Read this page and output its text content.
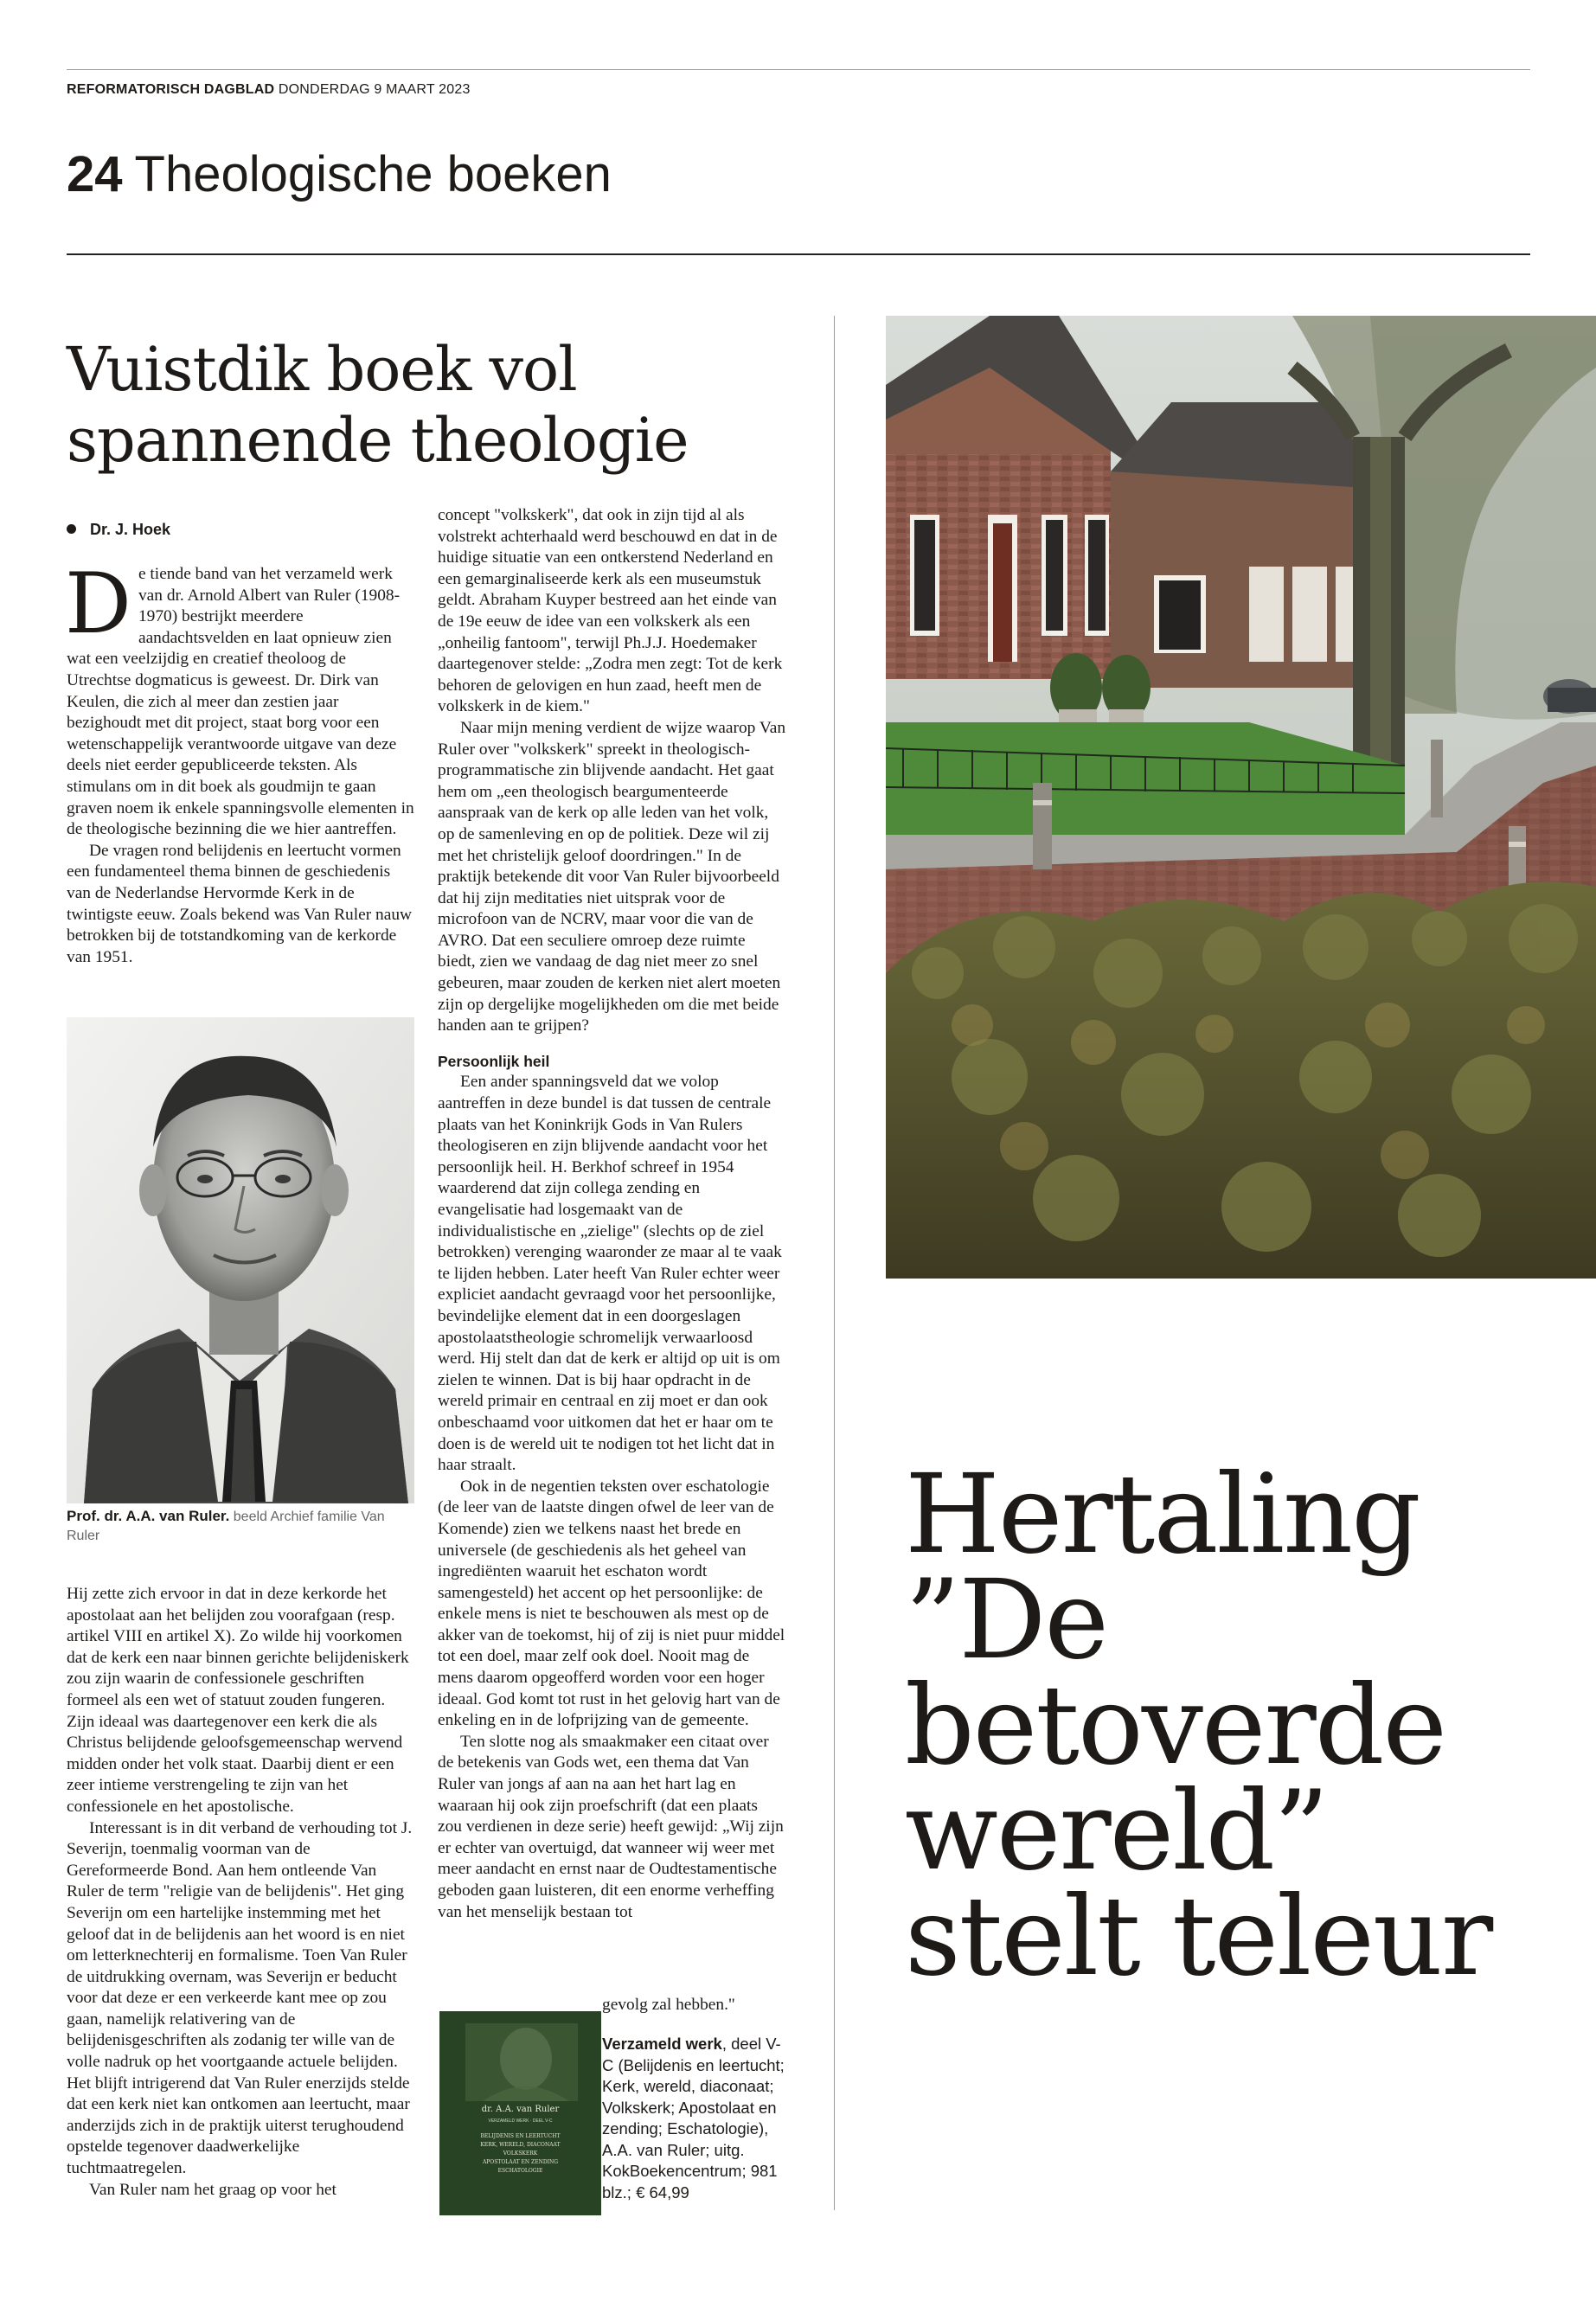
REFORMATORISCH DAGBLAD DONDERDAG 9 MAART 2023
24 Theologische boeken
Vuistdik boek vol spannende theologie
Dr. J. Hoek
D e tiende band van het verzameld werk van dr. Arnold Albert van Ruler (1908-1970) bestrijkt meerdere aandachtsvelden en laat opnieuw zien wat een veelzijdig en creatief theoloog de Utrechtse dogmaticus is geweest. Dr. Dirk van Keulen, die zich al meer dan zestien jaar bezighoudt met dit project, staat borg voor een wetenschappelijk verantwoorde uitgave van deze deels niet eerder gepubliceerde teksten. Als stimulans om in dit boek als goudmijn te gaan graven noem ik enkele spanningsvolle elementen in de theologische bezinning die we hier aantreffen.

De vragen rond belijdenis en leertucht vormen een fundamenteel thema binnen de geschiedenis van de Nederlandse Hervormde Kerk in de twintigste eeuw. Zoals bekend was Van Ruler nauw betrokken bij de totstandkoming van de kerkorde van 1951.

Prof. dr. A.A. van Ruler. beeld Archief familie Van Ruler

Hij zette zich ervoor in dat in deze kerkorde het apostolaat aan het belijden zou voorafgaan (resp. artikel VIII en artikel X). Zo wilde hij voorkomen dat de kerk een naar binnen gerichte belijdeniskerk zou zijn waarin de confessionele geschriften formeel als een wet of statuut zouden fungeren. Zijn ideaal was daartegenover een kerk die als Christus belijdende geloofsgemeenschap wervend midden onder het volk staat. Daarbij dient er een zeer intieme verstrengeling te zijn van het confessionele en het apostolische.

Interessant is in dit verband de verhouding tot J. Severijn, toenmalig voorman van de Gereformeerde Bond. Aan hem ontleende Van Ruler de term "religie van de belijdenis". Het ging Severijn om een hartelijke instemming met het geloof dat in de belijdenis aan het woord is en niet om letterknechterij en formalisme. Toen Van Ruler de uitdrukking overnam, was Severijn er beducht voor dat deze er een verkeerde kant mee op zou gaan, namelijk relativering van de belijdenisgeschriften als zodanig ter wille van de volle nadruk op het voortgaande actuele belijden. Het blijft intrigerend dat Van Ruler enerzijds stelde dat een kerk niet kan ontkomen aan leertucht, maar anderzijds zich in de praktijk uiterst terughoudend opstelde tegenover daadwerkelijke tuchtmaatregelen.

Van Ruler nam het graag op voor het

concept "volkskerk", dat ook in zijn tijd al als volstrekt achterhaald werd beschouwd en dat in de huidige situatie van een ontkerstend Nederland en een gemarginaliseerde kerk als een museumstuk geldt. Abraham Kuyper bestreed aan het einde van de 19e eeuw de idee van een volkskerk als een „onheilig fantoom", terwijl Ph.J.J. Hoedemaker daartegenover stelde: „Zodra men zegt: Tot de kerk behoren de gelovigen en hun zaad, heeft men de volkskerk in de kiem."

Naar mijn mening verdient de wijze waarop Van Ruler over "volkskerk" spreekt in theologisch-programmatische zin blijvende aandacht. Het gaat hem om „een theologisch beargumenteerde aanspraak van de kerk op alle leden van het volk, op de samenleving en op de politiek. Deze wil zij met het christelijk geloof doordringen." In de praktijk betekende dit voor Van Ruler bijvoorbeeld dat hij zijn meditaties niet uitsprak voor de microfoon van de NCRV, maar voor die van de AVRO. Dat een seculiere omroep deze ruimte biedt, zien we vandaag de dag niet meer zo snel gebeuren, maar zouden de kerken niet alert moeten zijn op dergelijke mogelijkheden om die met beide handen aan te grijpen?

Persoonlijk heil

Een ander spanningsveld dat we volop aantreffen in deze bundel is dat tussen de centrale plaats van het Koninkrijk Gods in Van Rulers theologiseren en zijn blijvende aandacht voor het persoonlijk heil. H. Berkhof schreef in 1954 waarderend dat zijn collega zending en evangelisatie had losgemaakt van de individualistische en „zielige" (slechts op de ziel betrokken) verenging waaronder ze maar al te vaak te lijden hebben. Later heeft Van Ruler echter weer expliciet aandacht gevraagd voor het persoonlijke, bevindelijke element dat in een doorgeslagen apostolaatstheologie schromelijk verwaarloosd werd. Hij stelt dan dat de kerk er altijd op uit is om zielen te winnen. Dat is bij haar opdracht in de wereld primair en centraal en zij moet er dan ook onbeschaamd voor uitkomen dat het er haar om te doen is de wereld uit te nodigen tot het licht dat in haar straalt.

Ook in de negentien teksten over eschatologie (de leer van de laatste dingen ofwel de leer van de Komende) zien we telkens naast het brede en universele (de geschiedenis als het geheel van ingrediënten waaruit het eschaton wordt samengesteld) het accent op het persoonlijke: de enkele mens is niet te beschouwen als mest op de akker van de toekomst, hij of zij is niet puur middel tot een doel, maar zelf ook doel. Nooit mag de mens daarom opgeofferd worden voor een hoger ideaal. God komt tot rust in het gelovig hart van de enkeling en in de lofprijzing van de gemeente.

Ten slotte nog als smaakmaker een citaat over de betekenis van Gods wet, een thema dat Van Ruler van jongs af aan na aan het hart lag en waaraan hij ook zijn proefschrift (dat een plaats zou verdienen in deze serie) heeft gewijd: „Wij zijn er echter van overtuigd, dat wanneer wij weer met meer aandacht en ernst naar de Oudtestamentische geboden gaan luisteren, dit een enorme verheffing van het menselijk bestaan tot

gevolg zal hebben."
dr. A.A. van Ruler
VERZAMELD WERK · DEEL V-C
BELIJDENIS EN LEERTUCHT
KERK, WERELD, DIACONAAT
VOLKSKERK
APOSTOLAAT EN ZENDING
ESCHATOLOGIE
Verzameld werk, deel V-C (Belijdenis en leertucht; Kerk, wereld, diaconaat; Volkskerk; Apostolaat en zending; Eschatologie), A.A. van Ruler; uitg. KokBoekencentrum; 981 blz.; € 64,99
Hertaling ”De betoverde wereld” stelt teleur
